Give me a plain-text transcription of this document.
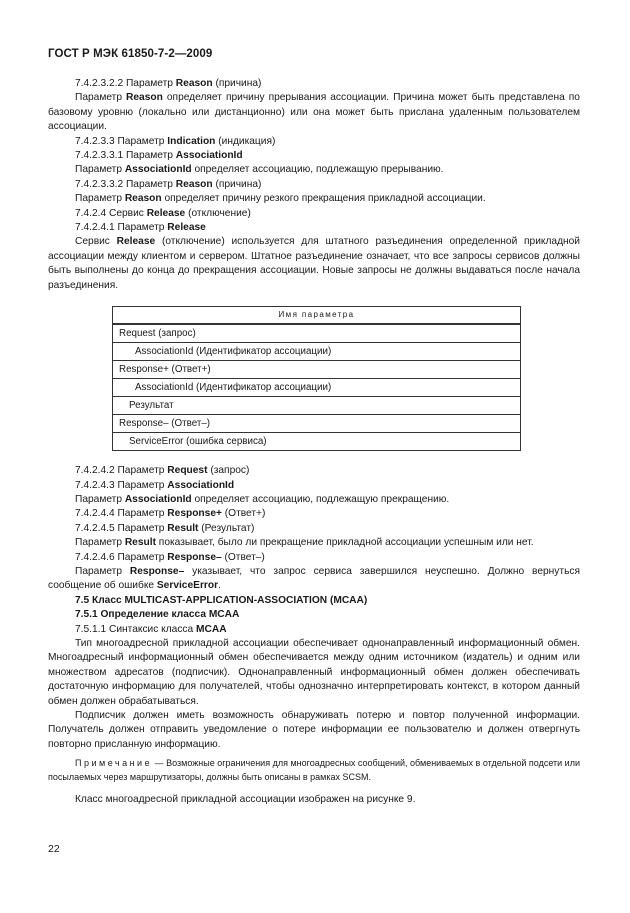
ГОСТ Р МЭК 61850-7-2—2009

7.4.2.3.2.2 Параметр Reason (причина)

Параметр Reason определяет причину прерывания ассоциации. Причина может быть представлена по базовому уровню (локально или дистанционно) или она может быть прислана удаленным пользователем ассоциации.

7.4.2.3.3 Параметр Indication (индикация)

7.4.2.3.3.1 Параметр AssociationId

Параметр AssociationId определяет ассоциацию, подлежащую прерыванию.

7.4.2.3.3.2 Параметр Reason (причина)

Параметр Reason определяет причину резкого прекращения прикладной ассоциации.

7.4.2.4 Сервис Release (отключение)

7.4.2.4.1 Параметр Release

Сервис Release (отключение) используется для штатного разъединения определенной прикладной ассоциации между клиентом и сервером. Штатное разъединение означает, что все запросы сервисов должны быть выполнены до конца до прекращения ассоциации. Новые запросы не должны выдаваться после начала разъединения.

Имя параметра
Request (запрос)
AssociationId (Идентификатор ассоциации)
Response+ (Ответ+)
AssociationId (Идентификатор ассоциации)
Результат
Response– (Ответ–)
ServiceError (ошибка сервиса)

7.4.2.4.2 Параметр Request (запрос)

7.4.2.4.3 Параметр AssociationId

Параметр AssociationId определяет ассоциацию, подлежащую прекращению.

7.4.2.4.4 Параметр Response+ (Ответ+)

7.4.2.4.5 Параметр Result (Результат)

Параметр Result показывает, было ли прекращение прикладной ассоциации успешным или нет.

7.4.2.4.6 Параметр Response– (Ответ–)

Параметр Response– указывает, что запрос сервиса завершился неуспешно. Должно вернуться сообщение об ошибке ServiceError.

7.5 Класс MULTICAST-APPLICATION-ASSOCIATION (MCAA)

7.5.1 Определение класса MCAA

7.5.1.1 Синтаксис класса MCAA

Тип многоадресной прикладной ассоциации обеспечивает однонаправленный информационный обмен. Многоадресный информационный обмен обеспечивается между одним источником (издатель) и одним или множеством адресатов (подписчик). Однонаправленный информационный обмен должен обеспечивать достаточную информацию для получателей, чтобы однозначно интерпретировать контекст, в котором данный обмен должен обрабатываться.

Подписчик должен иметь возможность обнаруживать потерю и повтор полученной информации. Получатель должен отправить уведомление о потере информации ее пользователю и должен отвергнуть повторно присланную информацию.

Примечание — Возможные ограничения для многоадресных сообщений, обмениваемых в отдельной подсети или посылаемых через маршрутизаторы, должны быть описаны в рамках SCSM.

Класс многоадресной прикладной ассоциации изображен на рисунке 9.

22
